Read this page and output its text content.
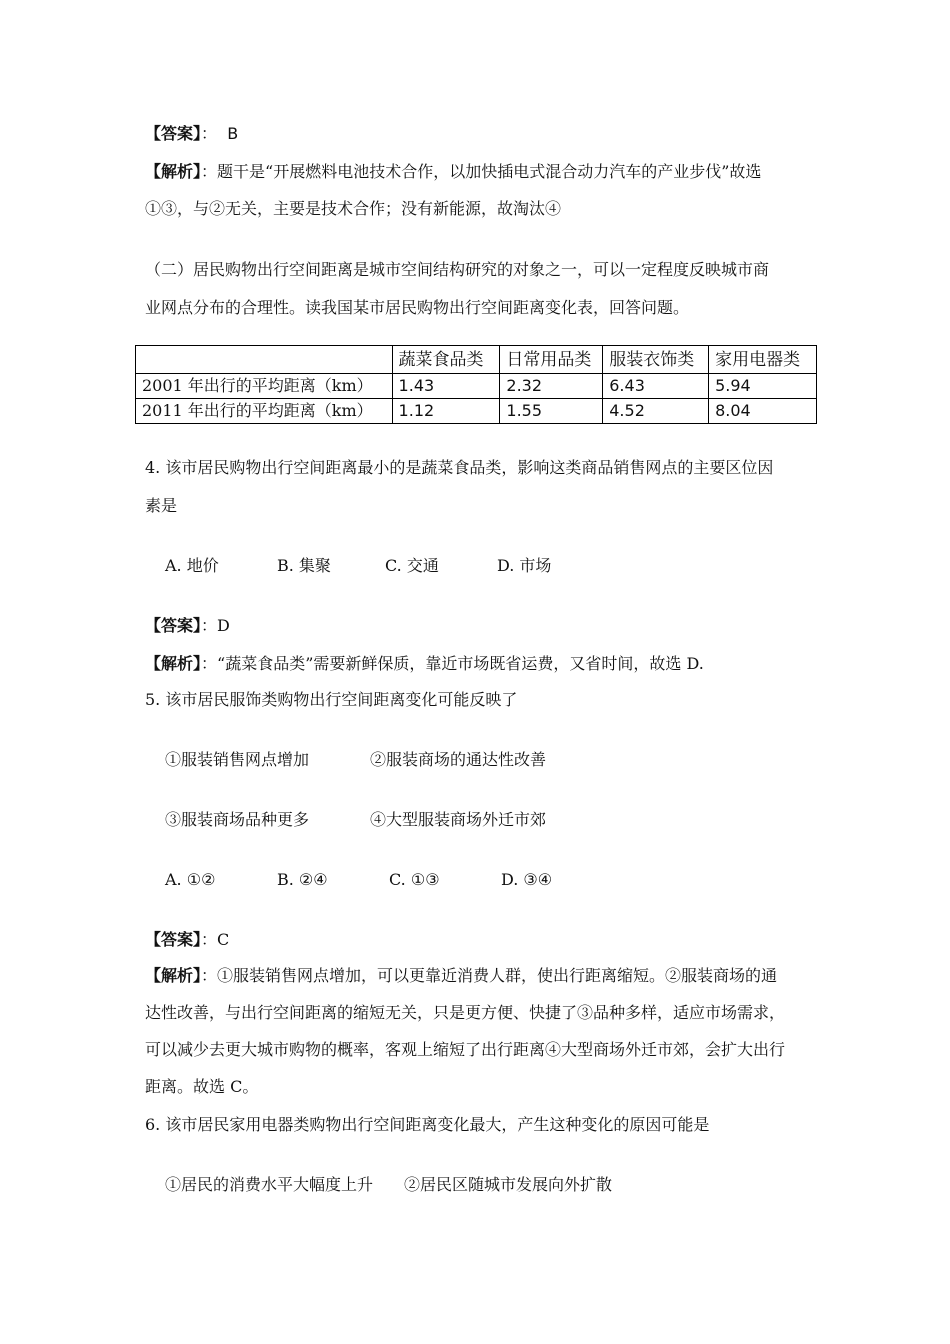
【答案】： B
【解析】：题干是“开展燃料电池技术合作，以加快插电式混合动力汽车的产业步伐”故选
①③，与②无关，主要是技术合作；没有新能源，故淘汰④
（二）居民购物出行空间距离是城市空间结构研究的对象之一，可以一定程度反映城市商
业网点分布的合理性。读我国某市居民购物出行空间距离变化表，回答问题。
	蔬菜食品类	日常用品类	服装衣饰类	家用电器类
2001 年出行的平均距离（km）	1.43	2.32	6.43	5.94
2011 年出行的平均距离（km）	1.12	1.55	4.52	8.04
4. 该市居民购物出行空间距离最小的是蔬菜食品类，影响这类商品销售网点的主要区位因
素是
A. 地价	B. 集聚	C. 交通	D. 市场
【答案】：D
【解析】：“蔬菜食品类”需要新鲜保质，靠近市场既省运费，又省时间，故选 D.
5. 该市居民服饰类购物出行空间距离变化可能反映了
①服装销售网点增加	②服装商场的通达性改善
③服装商场品种更多	④大型服装商场外迁市郊
A. ①②	B. ②④	C. ①③	D. ③④
【答案】：C
【解析】：①服装销售网点增加，可以更靠近消费人群，使出行距离缩短。②服装商场的通
达性改善，与出行空间距离的缩短无关，只是更方便、快捷了③品种多样，适应市场需求，
可以减少去更大城市购物的概率，客观上缩短了出行距离④大型商场外迁市郊，会扩大出行
距离。故选 C。
6. 该市居民家用电器类购物出行空间距离变化最大，产生这种变化的原因可能是
①居民的消费水平大幅度上升 ②居民区随城市发展向外扩散
